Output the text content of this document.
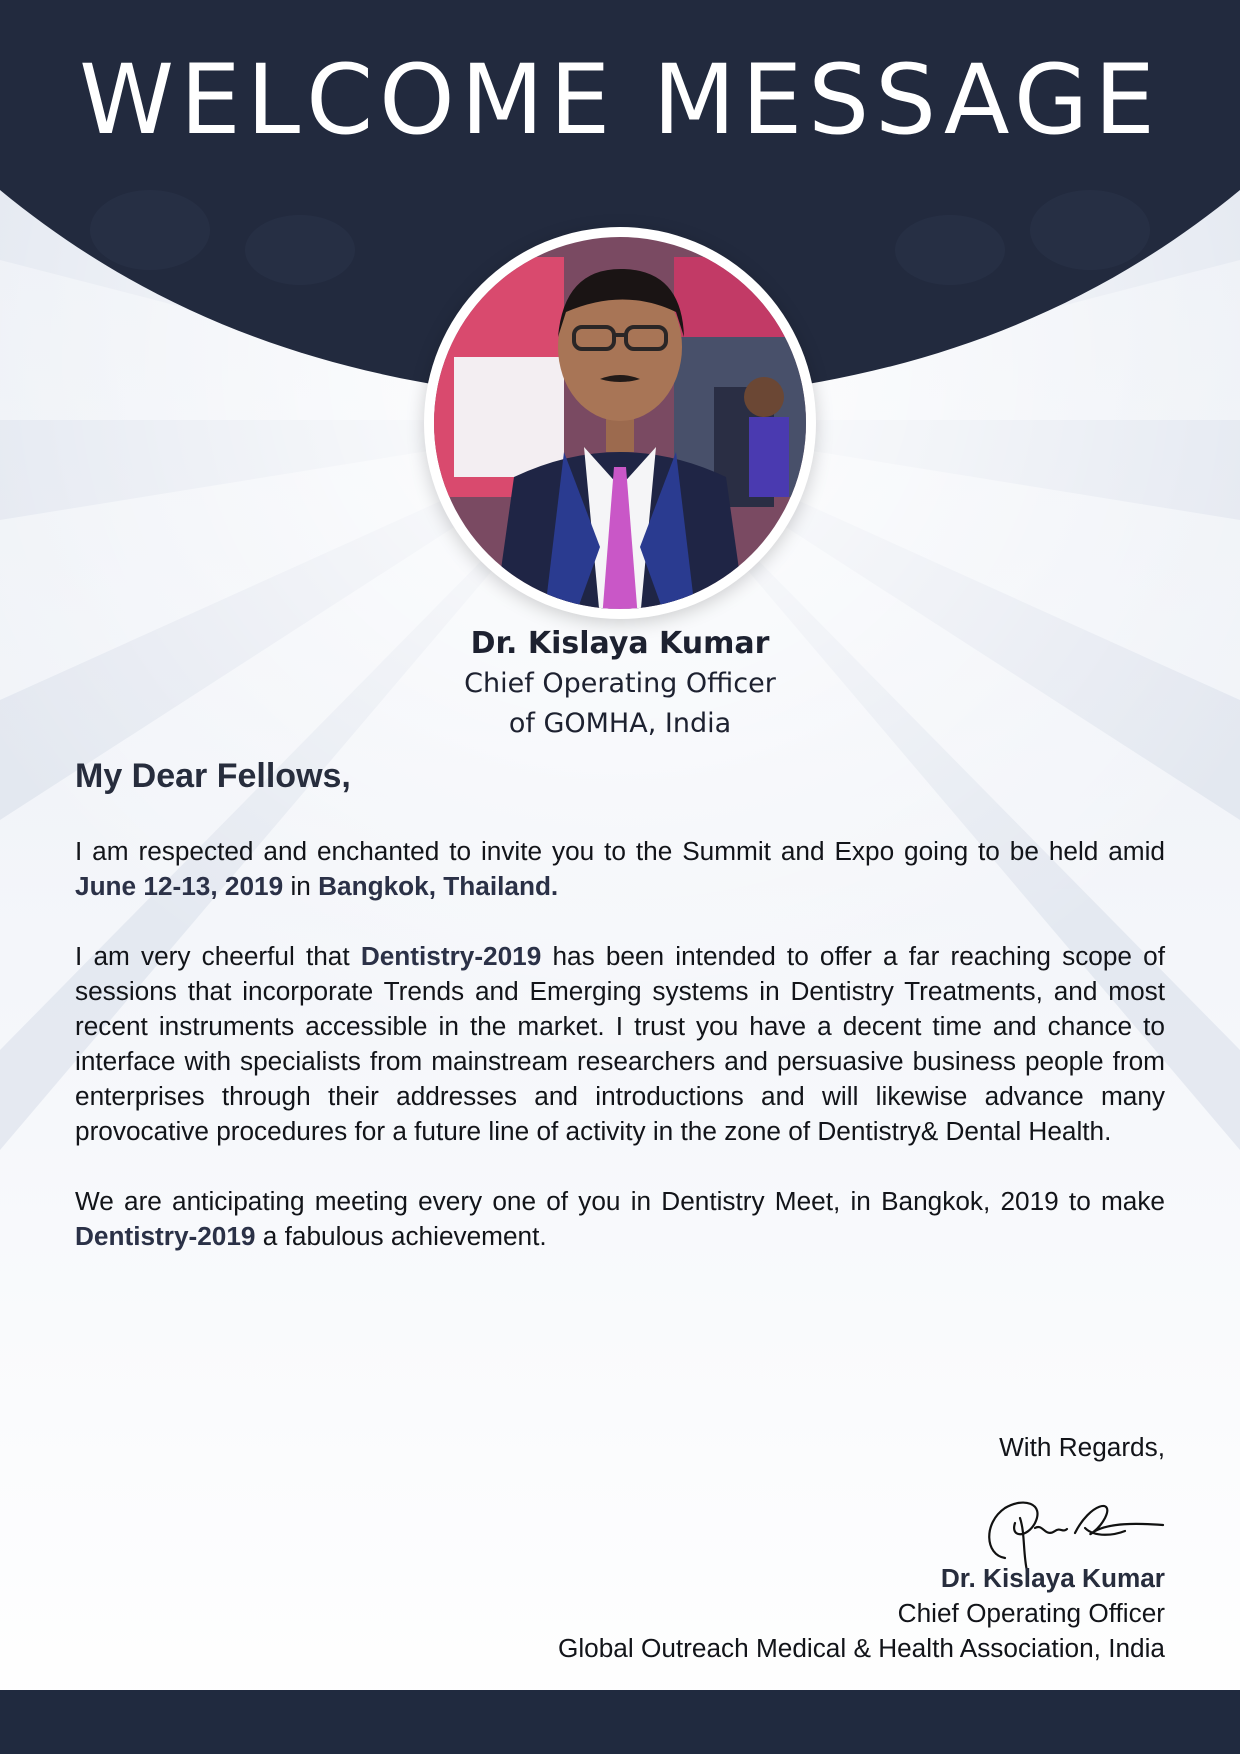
WELCOME MESSAGE
Dr. Kislaya Kumar
Chief Operating Officer
of GOMHA, India
My Dear Fellows,

I am respected and enchanted to invite you to the Summit and Expo going to be held amid June 12-13, 2019 in Bangkok, Thailand.

I am very cheerful that Dentistry-2019 has been intended to offer a far reaching scope of sessions that incorporate Trends and Emerging systems in Dentistry Treatments, and most recent instruments accessible in the market. I trust you have a decent time and chance to interface with specialists from mainstream researchers and persuasive business people from enterprises through their addresses and introductions and will likewise advance many provocative procedures for a future line of activity in the zone of Dentistry& Dental Health.

We are anticipating meeting every one of you in Dentistry Meet, in Bangkok, 2019 to make Dentistry-2019 a fabulous achievement.

With Regards,
Dr. Kislaya Kumar
Chief Operating Officer
Global Outreach Medical & Health Association, India
